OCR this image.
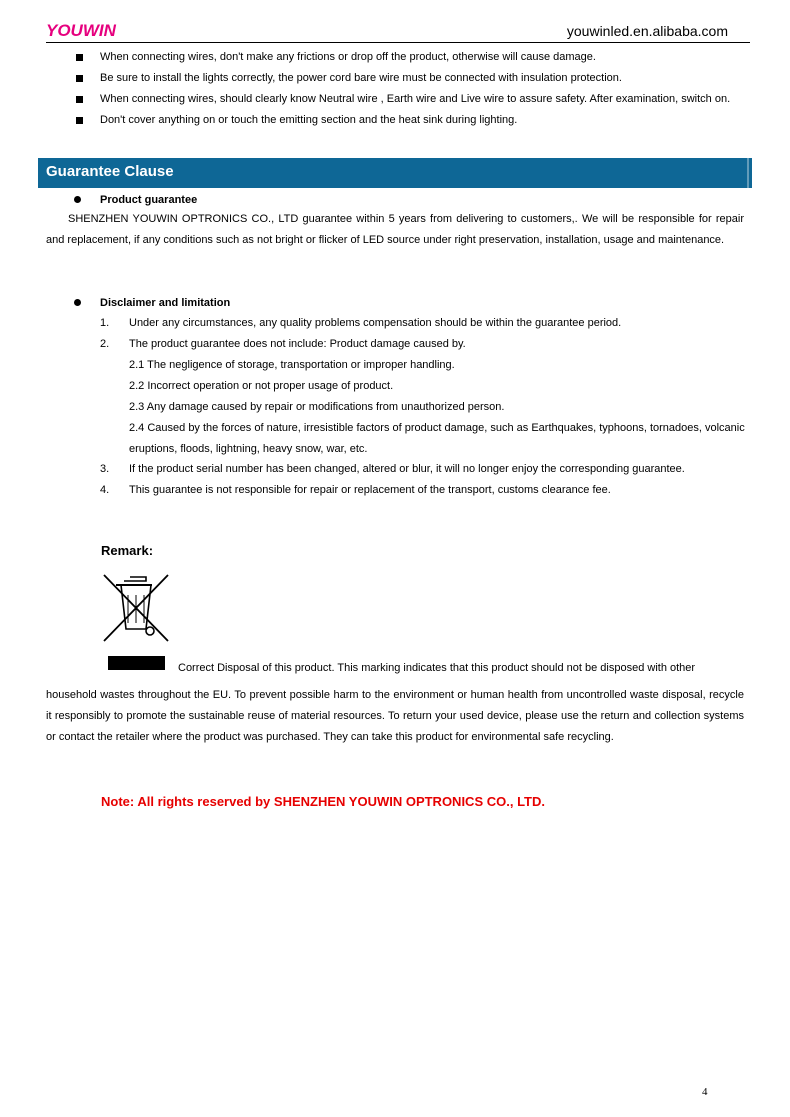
YOUWIN	youwinled.en.alibaba.com
When connecting wires, don't make any frictions or drop off the product, otherwise will cause damage.
Be sure to install the lights correctly, the power cord bare wire must be connected with insulation protection.
When connecting wires, should clearly know Neutral wire , Earth wire and Live wire to assure safety. After examination, switch on.
Don't cover anything on or touch the emitting section and the heat sink during lighting.
Guarantee Clause
Product guarantee

SHENZHEN YOUWIN OPTRONICS CO., LTD guarantee within 5 years from delivering to customers,. We will be responsible for repair and replacement, if any conditions such as not bright or flicker of LED source under right preservation, installation, usage and maintenance.

Disclaimer and limitation
1. Under any circumstances, any quality problems compensation should be within the guarantee period.
2. The product guarantee does not include: Product damage caused by.
2.1 The negligence of storage, transportation or improper handling.
2.2 Incorrect operation or not proper usage of product.
2.3 Any damage caused by repair or modifications from unauthorized person.
2.4 Caused by the forces of nature, irresistible factors of product damage, such as Earthquakes, typhoons, tornadoes, volcanic eruptions, floods, lightning, heavy snow, war, etc.
3. If the product serial number has been changed, altered or blur, it will no longer enjoy the corresponding guarantee.
4. This guarantee is not responsible for repair or replacement of the transport, customs clearance fee.
Remark:

Correct Disposal of this product. This marking indicates that this product should not be disposed with other

household wastes throughout the EU. To prevent possible harm to the environment or human health from uncontrolled waste disposal, recycle it responsibly to promote the sustainable reuse of material resources. To return your used device, please use the return and collection systems or contact the retailer where the product was purchased. They can take this product for environmental safe recycling.

Note: All rights reserved by SHENZHEN YOUWIN OPTRONICS CO., LTD.
4
